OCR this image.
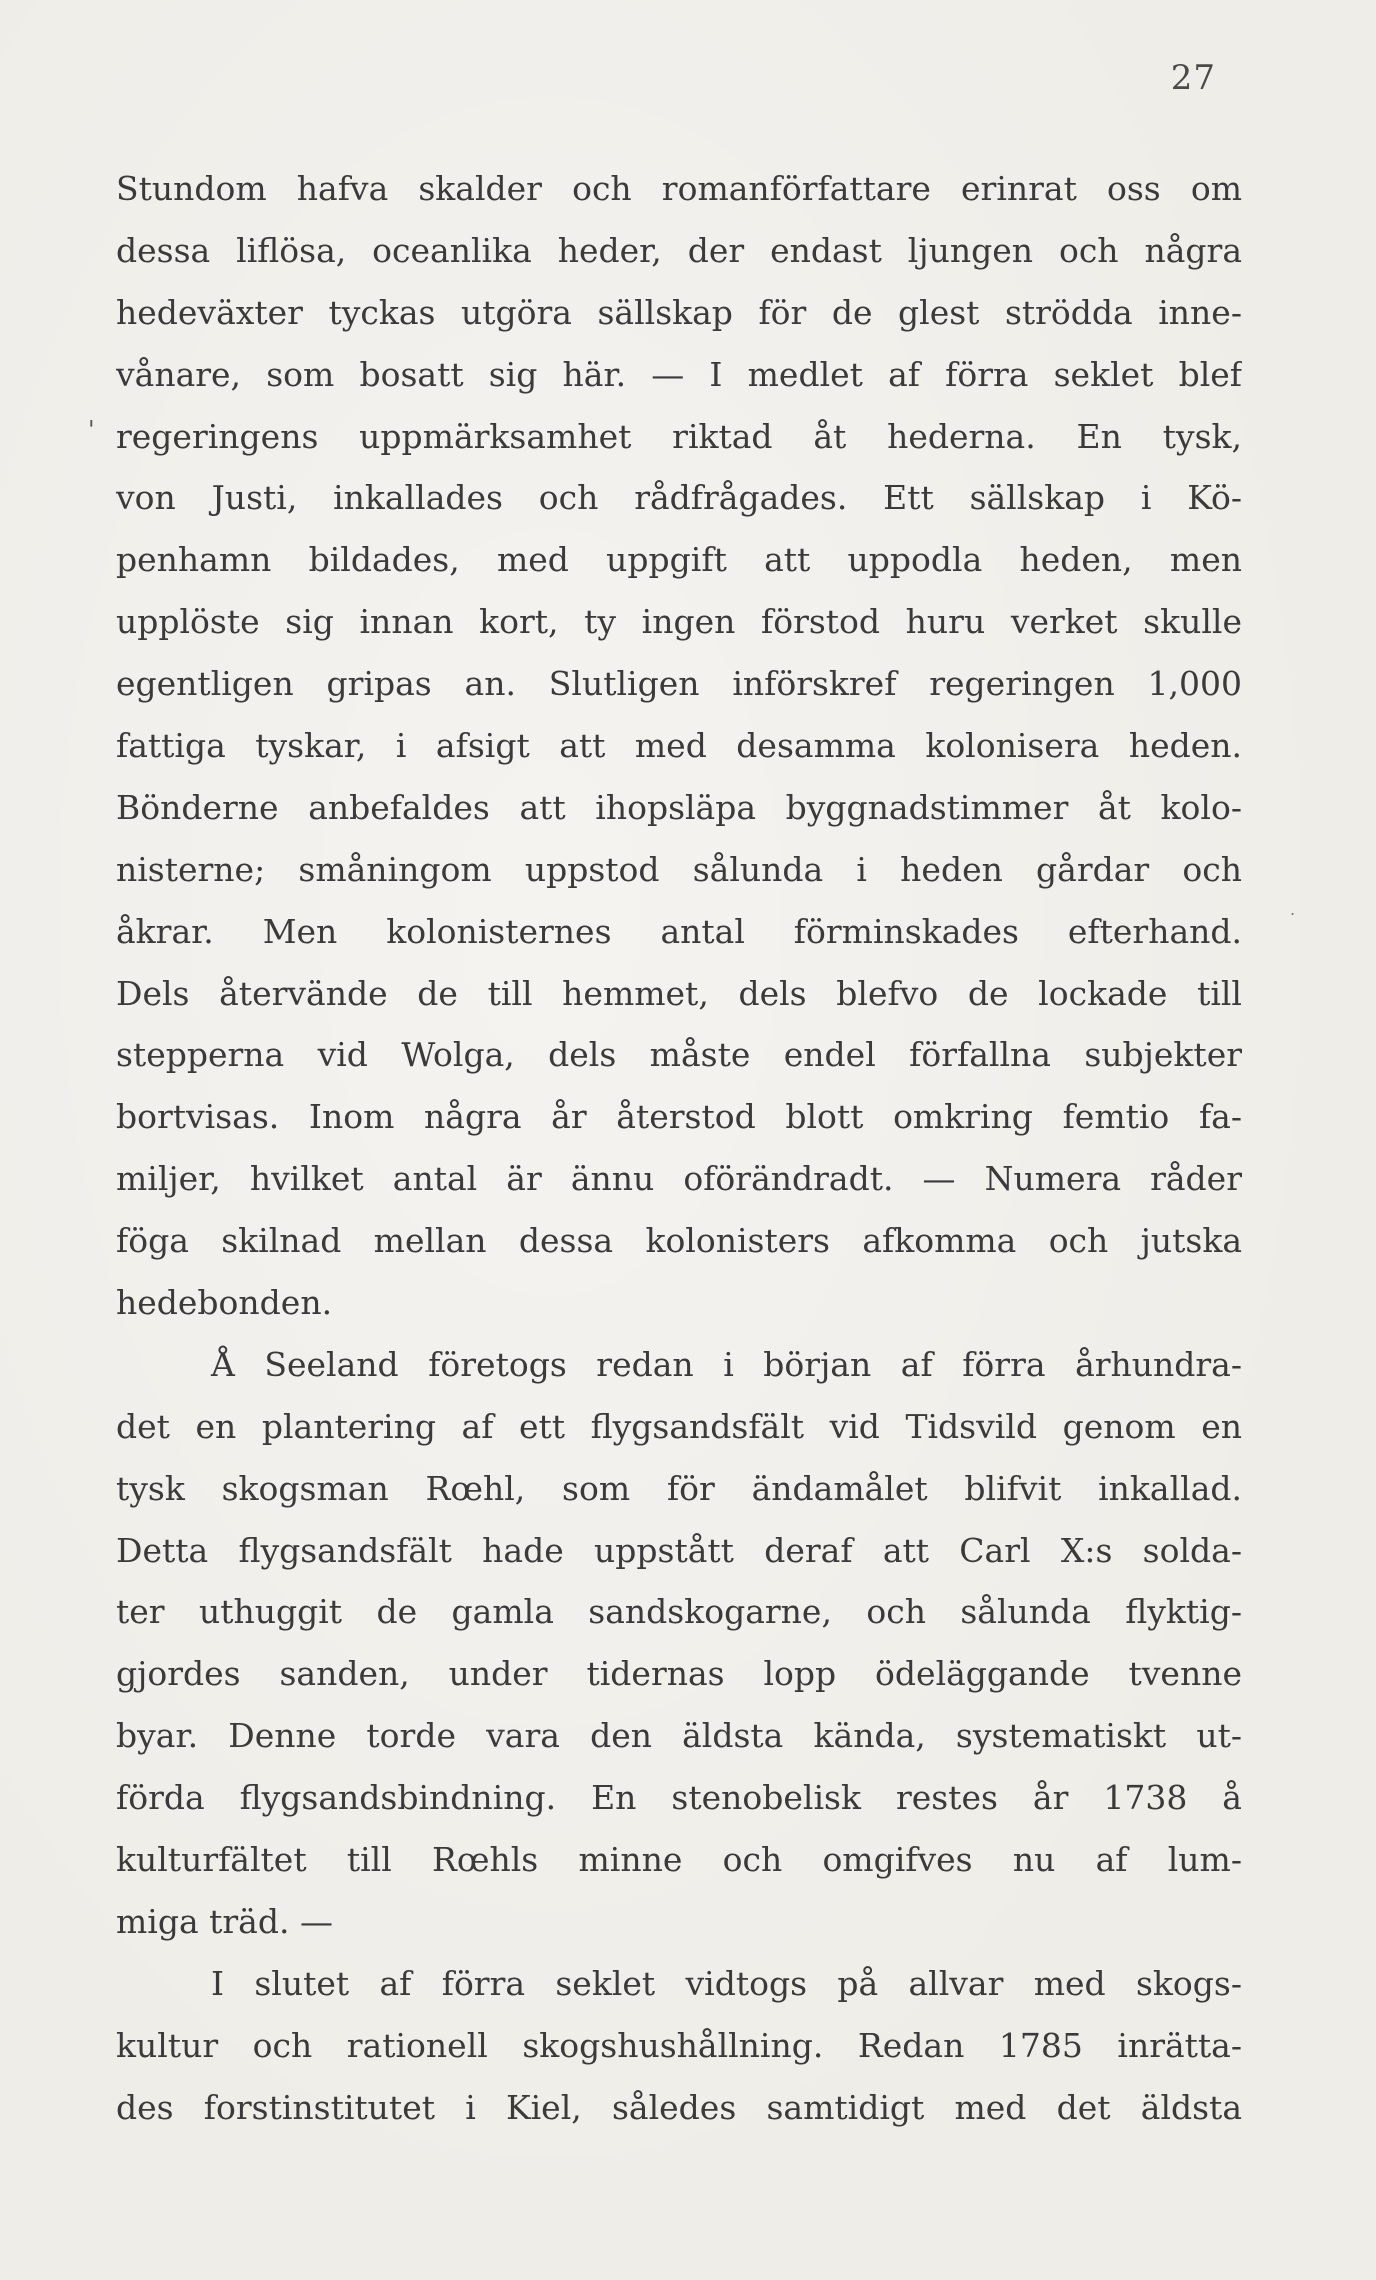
27
'
.
Stundom hafva skalder och romanförfattare erinrat oss om
dessa liflösa, oceanlika heder, der endast ljungen och några
hedeväxter tyckas utgöra sällskap för de glest strödda inne-
vånare, som bosatt sig här. — I medlet af förra seklet blef
regeringens uppmärksamhet riktad åt hederna. En tysk,
von Justi, inkallades och rådfrågades. Ett sällskap i Kö-
penhamn bildades, med uppgift att uppodla heden, men
upplöste sig innan kort, ty ingen förstod huru verket skulle
egentligen gripas an. Slutligen införskref regeringen 1,000
fattiga tyskar, i afsigt att med desamma kolonisera heden.
Bönderne anbefaldes att ihopsläpa byggnadstimmer åt kolo-
nisterne; småningom uppstod sålunda i heden gårdar och
åkrar. Men kolonisternes antal förminskades efterhand.
Dels återvände de till hemmet, dels blefvo de lockade till
stepperna vid Wolga, dels måste endel förfallna subjekter
bortvisas. Inom några år återstod blott omkring femtio fa-
miljer, hvilket antal är ännu oförändradt. — Numera råder
föga skilnad mellan dessa kolonisters afkomma och jutska
hedebonden.
Å Seeland företogs redan i början af förra århundra-
det en plantering af ett flygsandsfält vid Tidsvild genom en
tysk skogsman Rœhl, som för ändamålet blifvit inkallad.
Detta flygsandsfält hade uppstått deraf att Carl X:s solda-
ter uthuggit de gamla sandskogarne, och sålunda flyktig-
gjordes sanden, under tidernas lopp ödeläggande tvenne
byar. Denne torde vara den äldsta kända, systematiskt ut-
förda flygsandsbindning. En stenobelisk restes år 1738 å
kulturfältet till Rœhls minne och omgifves nu af lum-
miga träd. —
I slutet af förra seklet vidtogs på allvar med skogs-
kultur och rationell skogshushållning. Redan 1785 inrätta-
des forstinstitutet i Kiel, således samtidigt med det äldsta
